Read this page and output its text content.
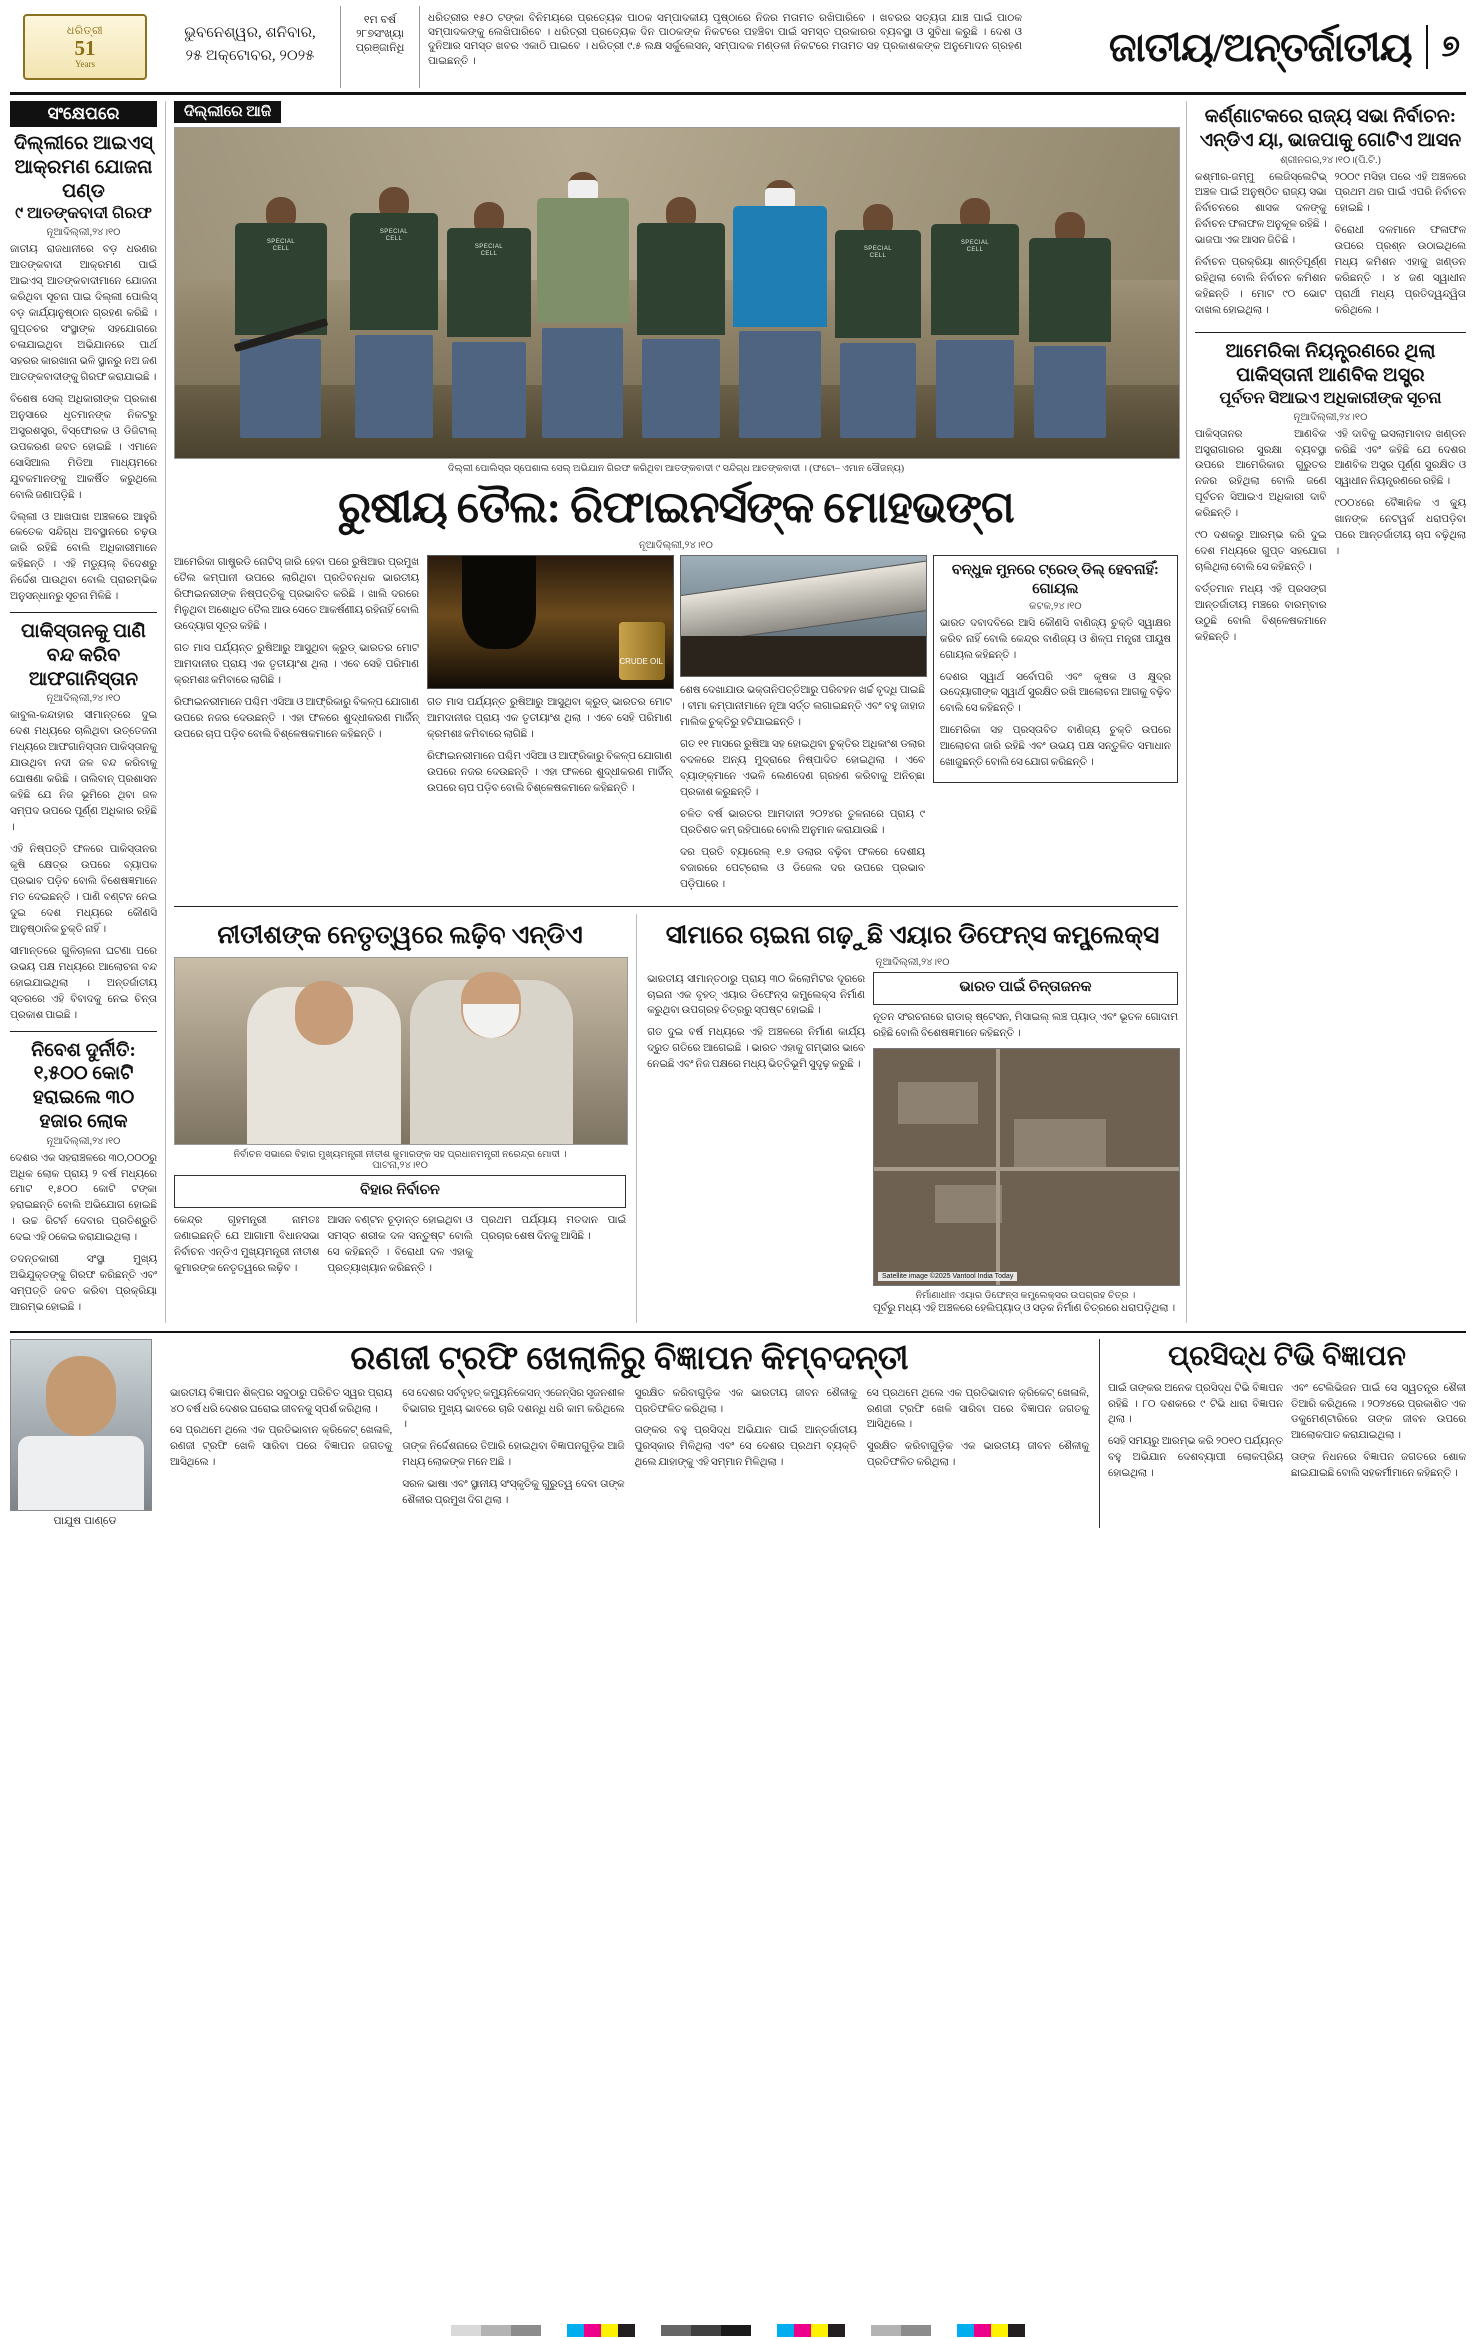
ଧରିତ୍ରୀ
51
Years
ଭୁବନେଶ୍ୱର, ଶନିବାର,
୨୫ ଅକ୍ଟୋବର, ୨୦୨୫
୧ମ ବର୍ଷ
୨୮୭ସଂଖ୍ୟା
ପ୍ରଞ୍ଜାନିଧି
ଧରିତ୍ରୀର ୧୫୦ ଟଙ୍କା ବିନିମୟରେ ପ୍ରତ୍ୟେକ ପାଠକ ସମ୍ପାଦକୀୟ ପୃଷ୍ଠାରେ ନିଜର ମତାମତ ରଖିପାରିବେ । ଖବରର ସତ୍ୟତା ଯାଞ୍ଚ ପାଇଁ ପାଠକ ସମ୍ପାଦକଙ୍କୁ ଲେଖିପାରିବେ । ଧରିତ୍ରୀ ପ୍ରତ୍ୟେକ ଦିନ ପାଠକଙ୍କ ନିକଟରେ ପହଞ୍ଚିବା ପାଇଁ ସମସ୍ତ ପ୍ରକାରର ବ୍ୟବସ୍ଥା ଓ ସୁବିଧା କରୁଛି । ଦେଶ ଓ ଦୁନିଆର ସମସ୍ତ ଖବର ଏକାଠି ପାଇବେ । ଧରିତ୍ରୀ ୯.୫ ଲକ୍ଷ ସର୍କୁଲେସନ୍, ସମ୍ପାଦକ ମଣ୍ଡଳୀ ନିକଟରେ ମତାମତ ସହ ପ୍ରକାଶକଙ୍କ ଅନୁମୋଦନ ଗ୍ରହଣ ପାଇଛନ୍ତି ।	ଜାତୀୟ/ଅନ୍ତର୍ଜାତୀୟ ୭
ସଂକ୍ଷେପରେ
ଦିଲ୍ଲୀରେ ଆଇଏସ୍ ଆକ୍ରମଣ ଯୋଜନା ପଣ୍ଡ
୯ ଆତଙ୍କବାଦୀ ଗିରଫ
ନୂଆଦିଲ୍ଲୀ,୨୪।୧୦

ଜାତୀୟ ରାଜଧାନୀରେ ବଡ଼ ଧରଣର ଆତଙ୍କବାଦୀ ଆକ୍ରମଣ ପାଇଁ ଆଇଏସ୍ ଆତଙ୍କବାଦୀମାନେ ଯୋଜନା କରିଥିବା ସୂଚନା ପାଇ ଦିଲ୍ଲୀ ପୋଲିସ୍ ବଡ଼ କାର୍ଯ୍ୟାନୁଷ୍ଠାନ ଗ୍ରହଣ କରିଛି । ଗୁପ୍ତଚର ସଂସ୍ଥାଙ୍କ ସହଯୋଗରେ ଚଳାଯାଇଥିବା ଅଭିଯାନରେ ପାର୍ଥ ସହରର କାରଖାନା ଭଳି ସ୍ଥାନରୁ ନଅ ଜଣ ଆତଙ୍କବାଦୀଙ୍କୁ ଗିରଫ କରାଯାଇଛି ।

ବିଶେଷ ସେଲ୍ ଅଧିକାରୀଙ୍କ ପ୍ରକାଶ ଅନୁସାରେ ଧୃତମାନଙ୍କ ନିକଟରୁ ଅସ୍ତ୍ରଶସ୍ତ୍ର, ବିସ୍ଫୋରକ ଓ ଡିଜିଟାଲ୍ ଉପକରଣ ଜବତ ହୋଇଛି । ଏମାନେ ସୋସିଆଲ ମିଡିଆ ମାଧ୍ୟମରେ ଯୁବକମାନଙ୍କୁ ଆକର୍ଷିତ କରୁଥିଲେ ବୋଲି ଜଣାପଡ଼ିଛି ।

ଦିଲ୍ଲୀ ଓ ଆଖପାଖ ଅଞ୍ଚଳରେ ଆହୁରି କେତେକ ସନ୍ଦିଗ୍ଧ ଅବସ୍ଥାନରେ ଚଢ଼ଉ ଜାରି ରହିଛି ବୋଲି ଅଧିକାରୀମାନେ କହିଛନ୍ତି । ଏହି ମଡ୍ୟୁଲ୍ ବିଦେଶରୁ ନିର୍ଦ୍ଦେଶ ପାଉଥିବା ବୋଲି ପ୍ରାରମ୍ଭିକ ଅନୁସନ୍ଧାନରୁ ସୂଚନା ମିଳିଛି ।

ପାକିସ୍ତାନକୁ ପାଣି ବନ୍ଦ କରିବ ଆଫଗାନିସ୍ତାନ
ନୂଆଦିଲ୍ଲୀ,୨୪।୧୦

କାବୁଲ-କନ୍ଦାହାର ସୀମାନ୍ତରେ ଦୁଇ ଦେଶ ମଧ୍ୟରେ ଚାଲିଥିବା ଉତ୍ତେଜନା ମଧ୍ୟରେ ଆଫଗାନିସ୍ତାନ ପାକିସ୍ତାନକୁ ଯାଉଥିବା ନଦୀ ଜଳ ବନ୍ଦ କରିବାକୁ ଘୋଷଣା କରିଛି । ତାଲିବାନ୍ ପ୍ରଶାସନ କହିଛି ଯେ ନିଜ ଭୂମିରେ ଥିବା ଜଳ ସମ୍ପଦ ଉପରେ ପୂର୍ଣ୍ଣ ଅଧିକାର ରହିଛି ।

ଏହି ନିଷ୍ପତ୍ତି ଫଳରେ ପାକିସ୍ତାନର କୃଷି କ୍ଷେତ୍ର ଉପରେ ବ୍ୟାପକ ପ୍ରଭାବ ପଡ଼ିବ ବୋଲି ବିଶେଷଜ୍ଞମାନେ ମତ ଦେଇଛନ୍ତି । ପାଣି ବଣ୍ଟନ ନେଇ ଦୁଇ ଦେଶ ମଧ୍ୟରେ କୌଣସି ଆନୁଷ୍ଠାନିକ ଚୁକ୍ତି ନାହିଁ ।

ସୀମାନ୍ତରେ ଗୁଳିଚାଳନା ଘଟଣା ପରେ ଉଭୟ ପକ୍ଷ ମଧ୍ୟରେ ଆଲୋଚନା ବନ୍ଦ ହୋଇଯାଇଥିଲା । ଅନ୍ତର୍ଜାତୀୟ ସ୍ତରରେ ଏହି ବିବାଦକୁ ନେଇ ଚିନ୍ତା ପ୍ରକାଶ ପାଇଛି ।

ନିବେଶ ଦୁର୍ନୀତି: ୧,୫୦୦ କୋଟି ହରାଇଲେ ୩୦ ହଜାର ଲୋକ
ନୂଆଦିଲ୍ଲୀ,୨୪।୧୦

ଦେଶର ଏକ ସହରାଞ୍ଚଳରେ ୩୦,୦୦୦ରୁ ଅଧିକ ଲୋକ ପ୍ରାୟ ୨ ବର୍ଷ ମଧ୍ୟରେ ମୋଟ ୧,୫୦୦ କୋଟି ଟଙ୍କା ହରାଇଛନ୍ତି ବୋଲି ଅଭିଯୋଗ ହୋଇଛି । ଉଚ୍ଚ ରିଟର୍ନ ଦେବାର ପ୍ରତିଶ୍ରୁତି ଦେଇ ଏହି ଠକେଇ କରାଯାଇଥିଲା ।

ତଦନ୍ତକାରୀ ସଂସ୍ଥା ମୁଖ୍ୟ ଅଭିଯୁକ୍ତଙ୍କୁ ଗିରଫ କରିଛନ୍ତି ଏବଂ ସମ୍ପତ୍ତି ଜବତ କରିବା ପ୍ରକ୍ରିୟା ଆରମ୍ଭ ହୋଇଛି ।

ଦିଲ୍ଲୀରେ ଆଜି
SPECIAL
CELL
SPECIAL
CELL
SPECIAL
CELL
SPECIAL
CELL
SPECIAL
CELL
ଦିଲ୍ଲୀ ପୋଲିସ୍‌ର ସ୍ପେଶାଲ ସେଲ୍ ଅଭିଯାନ ଗିରଫ କରିଥିବା ଆତଙ୍କବାଦୀ ୯ ସନ୍ଦିଗ୍ଧ ଆତଙ୍କବାଦୀ । (ଫଟୋ– ଏମାନ ସୌଜନ୍ୟ)
ରୁଷୀୟ ତୈଲ: ରିଫାଇନର୍ସଙ୍କ ମୋହଭଙ୍ଗ
ନୂଆଦିଲ୍ଲୀ,୨୪।୧୦

ଆମେରିକା ଗାଷ୍ଟ୍ରଡି ନୋଟିସ୍ ଜାରି ହେବା ପରେ ରୁଷିଆର ପ୍ରମୁଖ ତୈଲ କମ୍ପାନୀ ଉପରେ ଲାଗିଥିବା ପ୍ରତିବନ୍ଧକ ଭାରତୀୟ ରିଫାଇନରୀଙ୍କ ନିଷ୍ପତ୍ତିକୁ ପ୍ରଭାବିତ କରିଛି । ଖାଲି ଦରରେ ମିଳୁଥିବା ଅଶୋଧିତ ତୈଲ ଆଉ ସେତେ ଆକର୍ଷଣୀୟ ରହିନାହିଁ ବୋଲି ଉଦ୍ୟୋଗ ସୂତ୍ର କହିଛି ।

ଗତ ମାସ ପର୍ଯ୍ୟନ୍ତ ରୁଷିଆରୁ ଆସୁଥିବା କ୍ରୁଡ୍ ଭାରତର ମୋଟ ଆମଦାନୀର ପ୍ରାୟ ଏକ ତୃତୀୟାଂଶ ଥିଲା । ଏବେ ସେହି ପରିମାଣ କ୍ରମଶଃ କମିବାରେ ଲାଗିଛି ।

ରିଫାଇନରୀମାନେ ପଶ୍ଚିମ ଏସିଆ ଓ ଆଫ୍ରିକାରୁ ବିକଳ୍ପ ଯୋଗାଣ ଉପରେ ନଜର ଦେଉଛନ୍ତି । ଏହା ଫଳରେ ଶୁଦ୍ଧୀକରଣ ମାର୍ଜିନ୍ ଉପରେ ଚାପ ପଡ଼ିବ ବୋଲି ବିଶ୍ଳେଷକମାନେ କହିଛନ୍ତି ।

CRUDE OIL

ଗତ ମାସ ପର୍ଯ୍ୟନ୍ତ ରୁଷିଆରୁ ଆସୁଥିବା କ୍ରୁଡ୍ ଭାରତର ମୋଟ ଆମଦାନୀର ପ୍ରାୟ ଏକ ତୃତୀୟାଂଶ ଥିଲା । ଏବେ ସେହି ପରିମାଣ କ୍ରମଶଃ କମିବାରେ ଲାଗିଛି ।

ରିଫାଇନରୀମାନେ ପଶ୍ଚିମ ଏସିଆ ଓ ଆଫ୍ରିକାରୁ ବିକଳ୍ପ ଯୋଗାଣ ଉପରେ ନଜର ଦେଉଛନ୍ତି । ଏହା ଫଳରେ ଶୁଦ୍ଧୀକରଣ ମାର୍ଜିନ୍ ଉପରେ ଚାପ ପଡ଼ିବ ବୋଲି ବିଶ୍ଳେଷକମାନେ କହିଛନ୍ତି ।

ଶେଷ ଦେଖାଯାଉ ଭକ୍ତାନିପତ୍ତିଆରୁ ପରିବହନ ଖର୍ଚ୍ଚ ବୃଦ୍ଧି ପାଇଛି । ବୀମା କମ୍ପାନୀମାନେ ନୂଆ ସର୍ତ୍ତ ଲଗାଇଛନ୍ତି ଏବଂ ବହୁ ଜାହାଜ ମାଲିକ ଚୁକ୍ତିରୁ ହଟିଯାଇଛନ୍ତି ।

ଗତ ୧୧ ମାସରେ ରୁଷିଆ ସହ ହୋଇଥିବା ଚୁକ୍ତିର ଅଧିକାଂଶ ଡଲାର ବଦଳରେ ଅନ୍ୟ ମୁଦ୍ରାରେ ନିଷ୍ପାଦିତ ହୋଇଥିଲା । ଏବେ ବ୍ୟାଙ୍କ୍‌ମାନେ ଏଭଳି ଲେଣଦେଣ ଗ୍ରହଣ କରିବାକୁ ଅନିଚ୍ଛା ପ୍ରକାଶ କରୁଛନ୍ତି ।

ଚଳିତ ବର୍ଷ ଭାରତର ଆମଦାନୀ ୨୦୨୪ର ତୁଳନାରେ ପ୍ରାୟ ୯ ପ୍ରତିଶତ କମ୍ ରହିପାରେ ବୋଲି ଅନୁମାନ କରାଯାଉଛି ।

ଦର ପ୍ରତି ବ୍ୟାରେଲ୍ ୧.୭ ଡଲାର ବଢ଼ିବା ଫଳରେ ଦେଶୀୟ ବଜାରରେ ପେଟ୍ରୋଲ ଓ ଡିଜେଲ ଦର ଉପରେ ପ୍ରଭାବ ପଡ଼ିପାରେ ।

ବନ୍ଧୁକ ମୁନରେ ଟ୍ରେଡ୍ ଡିଲ୍ ହେବନାହିଁ: ଗୋୟଲ
କଟକ,୨୪।୧୦

ଭାରତ ଦବାଦବିରେ ଆସି କୌଣସି ବାଣିଜ୍ୟ ଚୁକ୍ତି ସ୍ୱାକ୍ଷର କରିବ ନାହିଁ ବୋଲି କେନ୍ଦ୍ର ବାଣିଜ୍ୟ ଓ ଶିଳ୍ପ ମନ୍ତ୍ରୀ ପୀୟୂଷ ଗୋୟଲ କହିଛନ୍ତି ।

ଦେଶର ସ୍ୱାର୍ଥ ସର୍ବୋପରି ଏବଂ କୃଷକ ଓ କ୍ଷୁଦ୍ର ଉଦ୍ୟୋଗୀଙ୍କ ସ୍ୱାର୍ଥ ସୁରକ୍ଷିତ ରଖି ଆଲୋଚନା ଆଗକୁ ବଢ଼ିବ ବୋଲି ସେ କହିଛନ୍ତି ।

ଆମେରିକା ସହ ପ୍ରସ୍ତାବିତ ବାଣିଜ୍ୟ ଚୁକ୍ତି ଉପରେ ଆଲୋଚନା ଜାରି ରହିଛି ଏବଂ ଉଭୟ ପକ୍ଷ ସନ୍ତୁଳିତ ସମାଧାନ ଖୋଜୁଛନ୍ତି ବୋଲି ସେ ଯୋଗ କରିଛନ୍ତି ।

ନୀତୀଶଙ୍କ ନେତୃତ୍ୱରେ ଲଢ଼ିବ ଏନ୍‌ଡିଏ
ନିର୍ବାଚନ ସଭାରେ ବିହାର ମୁଖ୍ୟମନ୍ତ୍ରୀ ନୀତୀଶ କୁମାରଙ୍କ ସହ ପ୍ରଧାନମନ୍ତ୍ରୀ ନରେନ୍ଦ୍ର ମୋଦୀ ।
ପାଟନା,୨୪।୧୦
ବିହାର ନିର୍ବାଚନ

କେନ୍ଦ୍ର ଗୃହମନ୍ତ୍ରୀ ନାମତଃ ଜଣାଇଛନ୍ତି ଯେ ଆଗାମୀ ବିଧାନସଭା ନିର୍ବାଚନ ଏନ୍‌ଡିଏ ମୁଖ୍ୟମନ୍ତ୍ରୀ ନୀତୀଶ କୁମାରଙ୍କ ନେତୃତ୍ୱରେ ଲଢ଼ିବ ।

ଆସନ ବଣ୍ଟନ ଚୂଡ଼ାନ୍ତ ହୋଇଥିବା ଓ ସମସ୍ତ ଶରୀକ ଦଳ ସନ୍ତୁଷ୍ଟ ବୋଲି ସେ କହିଛନ୍ତି । ବିରୋଧୀ ଦଳ ଏହାକୁ ପ୍ରତ୍ୟାଖ୍ୟାନ କରିଛନ୍ତି ।

ପ୍ରଥମ ପର୍ଯ୍ୟାୟ ମତଦାନ ପାଇଁ ପ୍ରଚାର ଶେଷ ଦିନକୁ ଆସିଛି ।

ସୀମାରେ ଚାଇନା ଗଢ଼ୁଛି ଏୟାର ଡିଫେନ୍ସ କମ୍ପ୍ଲେକ୍ସ
ନୂଆଦିଲ୍ଲୀ,୨୪।୧୦

ଭାରତୀୟ ସୀମାନ୍ତଠାରୁ ପ୍ରାୟ ୩୦ କିଲୋମିଟର ଦୂରରେ ଚାଇନା ଏକ ବୃହତ୍ ଏୟାର ଡିଫେନ୍ସ କମ୍ପ୍ଲେକ୍ସ ନିର୍ମାଣ କରୁଥିବା ଉପଗ୍ରହ ଚିତ୍ରରୁ ସ୍ପଷ୍ଟ ହୋଇଛି ।

ଗତ ଦୁଇ ବର୍ଷ ମଧ୍ୟରେ ଏହି ଅଞ୍ଚଳରେ ନିର୍ମାଣ କାର୍ଯ୍ୟ ଦ୍ରୁତ ଗତିରେ ଆଗେଇଛି । ଭାରତ ଏହାକୁ ଗମ୍ଭୀର ଭାବେ ନେଇଛି ଏବଂ ନିଜ ପକ୍ଷରେ ମଧ୍ୟ ଭିତ୍ତିଭୂମି ସୁଦୃଢ଼ କରୁଛି ।

ଭାରତ ପାଇଁ ଚିନ୍ତାଜନକ

ନୂତନ ସଂରଚନାରେ ରାଡାର୍ ଷ୍ଟେସନ, ମିସାଇଲ୍ ଲଞ୍ଚ ପ୍ୟାଡ୍ ଏବଂ ଭୂତଳ ଗୋଦାମ ରହିଛି ବୋଲି ବିଶେଷଜ୍ଞମାନେ କହିଛନ୍ତି ।

Satellite image ©2025 Vantool India Today
ନିର୍ମାଣାଧୀନ ଏୟାର ଡିଫେନ୍ସ କମ୍ପ୍ଲେକ୍ସର ଉପଗ୍ରହ ଚିତ୍ର ।

ପୂର୍ବରୁ ମଧ୍ୟ ଏହି ଅଞ୍ଚଳରେ ହେଲିପ୍ୟାଡ୍ ଓ ସଡ଼କ ନିର୍ମାଣ ଚିତ୍ରରେ ଧରାପଡ଼ିଥିଲା ।

କର୍ଣ୍ଣାଟକରେ ରାଜ୍ୟ ସଭା ନିର୍ବାଚନ: ଏନ୍‌ଡିଏ ୟା, ଭାଜପାକୁ ଗୋଟିଏ ଆସନ
ଶ୍ରୀନଗର,୨୪।୧୦।(ପି.ଟି.)

କଶ୍ମୀର-ଜମ୍ମୁ ଲେଜିସ୍ଲେଟିଭ୍ ଅଞ୍ଚଳ ପାଇଁ ଅନୁଷ୍ଠିତ ରାଜ୍ୟ ସଭା ନିର୍ବାଚନରେ ଶାସକ ଦଳଙ୍କୁ ନିର୍ବାଚନ ଫଳାଫଳ ଅନୁକୂଳ ରହିଛି । ଭାଜପା ଏକ ଆସନ ଜିତିଛି ।

ନିର୍ବାଚନ ପ୍ରକ୍ରିୟା ଶାନ୍ତିପୂର୍ଣ୍ଣ ରହିଥିଲା ବୋଲି ନିର୍ବାଚନ କମିଶନ କହିଛନ୍ତି । ମୋଟ ୯୦ ଭୋଟ ଦାଖଲ ହୋଇଥିଲା ।

୨୦୦୯ ମସିହା ପରେ ଏହି ଅଞ୍ଚଳରେ ପ୍ରଥମ ଥର ପାଇଁ ଏପରି ନିର୍ବାଚନ ହୋଇଛି ।

ବିରୋଧୀ ଦଳମାନେ ଫଳାଫଳ ଉପରେ ପ୍ରଶ୍ନ ଉଠାଇଥିଲେ ମଧ୍ୟ କମିଶନ ଏହାକୁ ଖଣ୍ଡନ କରିଛନ୍ତି । ୪ ଜଣ ସ୍ୱାଧୀନ ପ୍ରାର୍ଥୀ ମଧ୍ୟ ପ୍ରତିଦ୍ୱନ୍ଦ୍ୱିତା କରିଥିଲେ ।

ଆମେରିକା ନିୟନ୍ତ୍ରଣରେ ଥିଲା ପାକିସ୍ତାନୀ ଆଣବିକ ଅସ୍ତ୍ର
ପୂର୍ବତନ ସିଆଇଏ ଅଧିକାରୀଙ୍କ ସୂଚନା
ନୂଆଦିଲ୍ଲୀ,୨୪।୧୦

ପାକିସ୍ତାନର ଆଣବିକ ଅସ୍ତ୍ରାଗାରର ସୁରକ୍ଷା ବ୍ୟବସ୍ଥା ଉପରେ ଆମେରିକାର ଗୁରୁତର ନଜର ରହିଥିଲା ବୋଲି ଜଣେ ପୂର୍ବତନ ସିଆଇଏ ଅଧିକାରୀ ଦାବି କରିଛନ୍ତି ।

୯୦ ଦଶକରୁ ଆରମ୍ଭ କରି ଦୁଇ ଦେଶ ମଧ୍ୟରେ ଗୁପ୍ତ ସହଯୋଗ ଚାଲିଥିଲା ବୋଲି ସେ କହିଛନ୍ତି ।

ବର୍ତ୍ତମାନ ମଧ୍ୟ ଏହି ପ୍ରସଙ୍ଗ ଆନ୍ତର୍ଜାତୀୟ ମଞ୍ଚରେ ବାରମ୍ବାର ଉଠୁଛି ବୋଲି ବିଶ୍ଳେଷକମାନେ କହିଛନ୍ତି ।

ଏହି ଦାବିକୁ ଇସଲାମାବାଦ ଖଣ୍ଡନ କରିଛି ଏବଂ କହିଛି ଯେ ଦେଶର ଆଣବିକ ଅସ୍ତ୍ର ପୂର୍ଣ୍ଣ ସୁରକ୍ଷିତ ଓ ସ୍ୱାଧୀନ ନିୟନ୍ତ୍ରଣରେ ରହିଛି ।

୯୦୦୪ରେ ବୈଜ୍ଞାନିକ ଏ କ୍ୟୁ ଖାନଙ୍କ ନେଟୱର୍କ ଧରାପଡ଼ିବା ପରେ ଆନ୍ତର୍ଜାତୀୟ ଚାପ ବଢ଼ିଥିଲା ।

ପାଯୁଷ ପାଣ୍ଡେ
ରଣଜୀ ଟ୍ରଫି ଖେଲାଳିରୁ ବିଜ୍ଞାପନ କିମ୍ବଦନ୍ତୀ

ଭାରତୀୟ ବିଜ୍ଞାପନ ଶିଳ୍ପର ସବୁଠାରୁ ପରିଚିତ ସ୍ୱର ପ୍ରାୟ ୪୦ ବର୍ଷ ଧରି ଦେଶର ଘରୋଇ ଜୀବନକୁ ସ୍ପର୍ଶ କରିଥିଲା ।

ସେ ପ୍ରଥମେ ଥିଲେ ଏକ ପ୍ରତିଭାବାନ କ୍ରିକେଟ୍ ଖେଳାଳି, ରଣଜୀ ଟ୍ରଫି ଖେଳି ସାରିବା ପରେ ବିଜ୍ଞାପନ ଜଗତକୁ ଆସିଥିଲେ ।

ସେ ଦେଶର ସର୍ବବୃହତ୍ କମ୍ୟୁନିକେସନ୍ ଏଜେନ୍ସିର ସୃଜନଶୀଳ ବିଭାଗର ମୁଖ୍ୟ ଭାବରେ ଚାରି ଦଶନ୍ଧି ଧରି କାମ କରିଥିଲେ ।

ତାଙ୍କ ନିର୍ଦ୍ଦେଶନାରେ ତିଆରି ହୋଇଥିବା ବିଜ୍ଞାପନଗୁଡ଼ିକ ଆଜି ମଧ୍ୟ ଲୋକଙ୍କ ମନେ ଅଛି ।

ସରଳ ଭାଷା ଏବଂ ସ୍ଥାନୀୟ ସଂସ୍କୃତିକୁ ଗୁରୁତ୍ୱ ଦେବା ତାଙ୍କ ଶୈଳୀର ପ୍ରମୁଖ ଦିଗ ଥିଲା ।

ସୁରକ୍ଷିତ କରିବାଗୁଡ଼ିକ ଏକ ଭାରତୀୟ ଜୀବନ ଶୈଳୀକୁ ପ୍ରତିଫଳିତ କରିଥିଲା ।

ତାଙ୍କର ବହୁ ପ୍ରସିଦ୍ଧ ଅଭିଯାନ ପାଇଁ ଆନ୍ତର୍ଜାତୀୟ ପୁରସ୍କାର ମିଳିଥିଲା ଏବଂ ସେ ଦେଶର ପ୍ରଥମ ବ୍ୟକ୍ତି ଥିଲେ ଯାହାଙ୍କୁ ଏହି ସମ୍ମାନ ମିଳିଥିଲା ।

ସେ ପ୍ରଥମେ ଥିଲେ ଏକ ପ୍ରତିଭାବାନ କ୍ରିକେଟ୍ ଖେଳାଳି, ରଣଜୀ ଟ୍ରଫି ଖେଳି ସାରିବା ପରେ ବିଜ୍ଞାପନ ଜଗତକୁ ଆସିଥିଲେ ।

ସୁରକ୍ଷିତ କରିବାଗୁଡ଼ିକ ଏକ ଭାରତୀୟ ଜୀବନ ଶୈଳୀକୁ ପ୍ରତିଫଳିତ କରିଥିଲା ।

ପ୍ରସିଦ୍ଧ ଟିଭି ବିଜ୍ଞାପନ

ପାଇଁ ତାଙ୍କର ଅନେକ ପ୍ରସିଦ୍ଧ ଟିଭି ବିଜ୍ଞାପନ ରହିଛି । ୮୦ ଦଶକରେ ୯ ଟିଭି ଧାରା ବିଜ୍ଞାପନ ଥିଲା ।

ସେହି ସମୟରୁ ଆରମ୍ଭ କରି ୨୦୧୦ ପର୍ଯ୍ୟନ୍ତ ବହୁ ଅଭିଯାନ ଦେଶବ୍ୟାପୀ ଲୋକପ୍ରିୟ ହୋଇଥିଲା ।

ଏବଂ ଟେଲିଭିଜନ ପାଇଁ ସେ ସ୍ୱତନ୍ତ୍ର ଶୈଳୀ ତିଆରି କରିଥିଲେ । ୨୦୨୪ରେ ପ୍ରକାଶିତ ଏକ ଡକୁମେଣ୍ଟାରିରେ ତାଙ୍କ ଜୀବନ ଉପରେ ଆଲୋକପାତ କରାଯାଇଥିଲା ।

ତାଙ୍କ ନିଧନରେ ବିଜ୍ଞାପନ ଜଗତରେ ଶୋକ ଛାଇଯାଇଛି ବୋଲି ସହକର୍ମୀମାନେ କହିଛନ୍ତି ।
